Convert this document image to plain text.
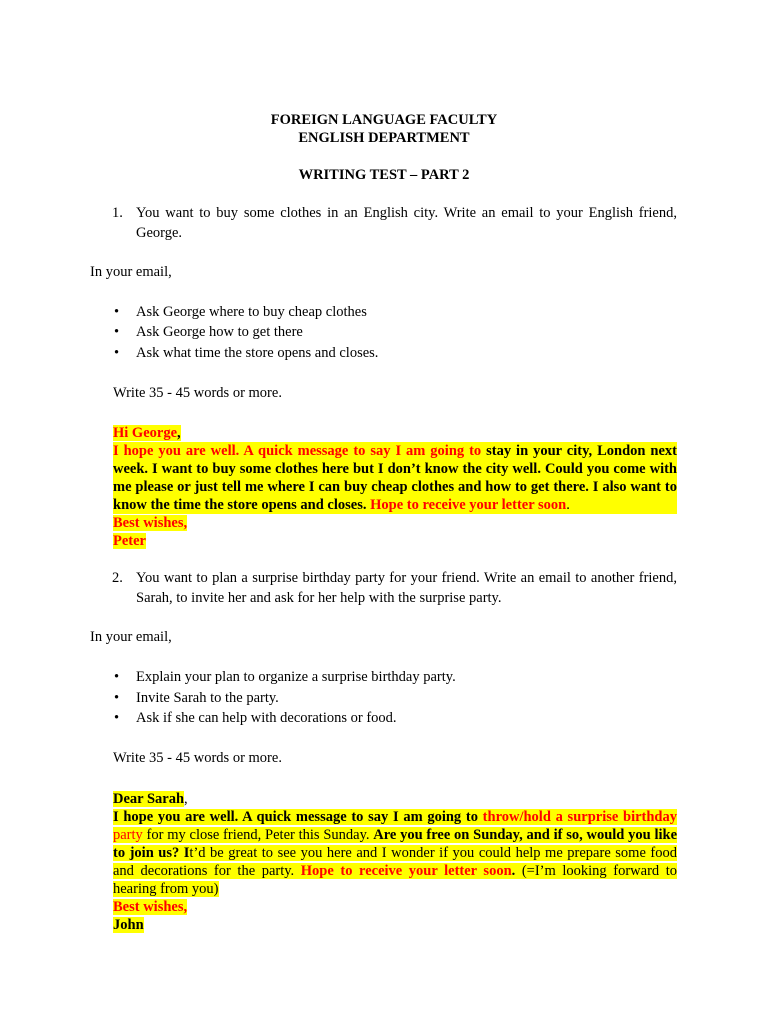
FOREIGN LANGUAGE FACULTY
ENGLISH DEPARTMENT
WRITING TEST – PART 2
1. You want to buy some clothes in an English city. Write an email to your English friend, George.
In your email,
• Ask George where to buy cheap clothes
• Ask George how to get there
• Ask what time the store opens and closes.
Write 35 - 45 words or more.
Hi George,
I hope you are well. A quick message to say I am going to stay in your city, London next week. I want to buy some clothes here but I don’t know the city well. Could you come with me please or just tell me where I can buy cheap clothes and how to get there. I also want to know the time the store opens and closes. Hope to receive your letter soon.
Best wishes,
Peter
2. You want to plan a surprise birthday party for your friend. Write an email to another friend, Sarah, to invite her and ask for her help with the surprise party.
In your email,
• Explain your plan to organize a surprise birthday party.
• Invite Sarah to the party.
• Ask if she can help with decorations or food.
Write 35 - 45 words or more.
Dear Sarah,
I hope you are well. A quick message to say I am going to throw/hold a surprise birthday party for my close friend, Peter this Sunday. Are you free on Sunday, and if so, would you like to join us? It’d be great to see you here and I wonder if you could help me prepare some food and decorations for the party. Hope to receive your letter soon. (=I’m looking forward to hearing from you)
Best wishes,
John
